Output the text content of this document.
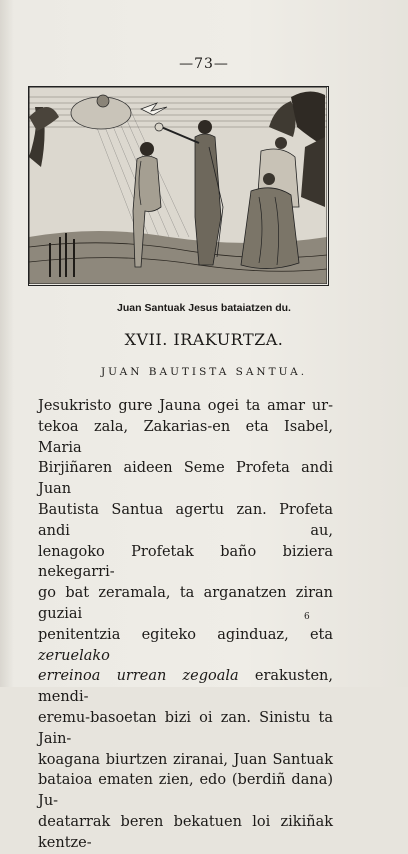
—73—
Juan Santuak Jesus bataiatzen du.
XVII. IRAKURTZA.
JUAN BAUTISTA SANTUA.
Jesukristo gure Jauna ogei ta amar ur-
tekoa zala, Zakarias-en eta Isabel, Maria
Birjiñaren aideen Seme Profeta andi Juan
Bautista Santua agertu zan. Profeta andi au,
lenagoko Profetak baño biziera nekegarri-
go bat zeramala, ta arganatzen ziran guziai
penitentzia egiteko aginduaz, eta zeruelako
erreinoa urrean zegoala erakusten, mendi-
eremu-basoetan bizi oi zan. Sinistu ta Jain-
koagana biurtzen ziranai, Juan Santuak
bataioa ematen zien, edo (berdiñ dana) Ju-
deatarrak beren bekatuen loi zikiñak kentze-
6
